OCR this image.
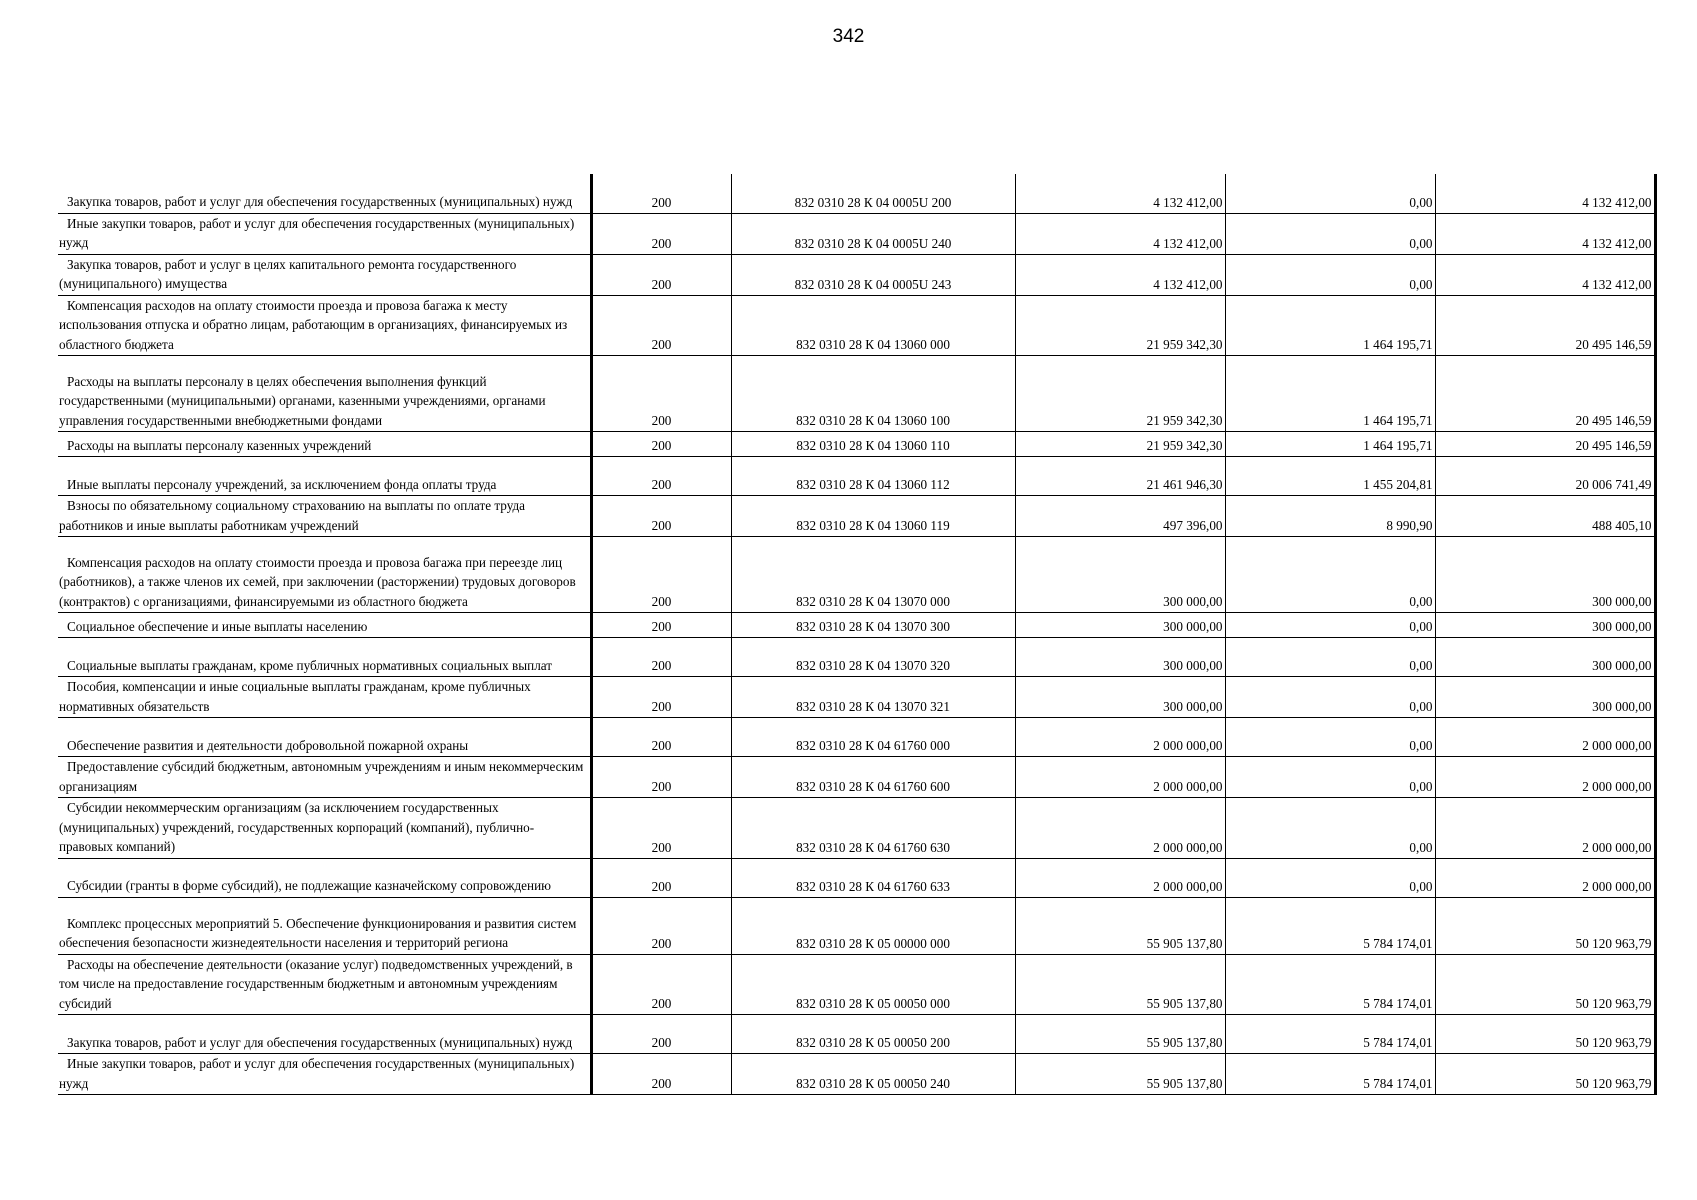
342
Закупка товаров, работ и услуг для обеспечения государственных (муниципальных) нужд	200	832 0310 28 К 04 0005U 200	4 132 412,00	0,00	4 132 412,00
Иные закупки товаров, работ и услуг для обеспечения государственных (муниципальных) нужд	200	832 0310 28 К 04 0005U 240	4 132 412,00	0,00	4 132 412,00
Закупка товаров, работ и услуг в целях капитального ремонта государственного (муниципального) имущества	200	832 0310 28 К 04 0005U 243	4 132 412,00	0,00	4 132 412,00
Компенсация расходов на оплату стоимости проезда и провоза багажа к месту использования отпуска и обратно лицам, работающим в организациях, финансируемых из областного бюджета	200	832 0310 28 К 04 13060 000	21 959 342,30	1 464 195,71	20 495 146,59
Расходы на выплаты персоналу в целях обеспечения выполнения функций государственными (муниципальными) органами, казенными учреждениями, органами управления государственными внебюджетными фондами	200	832 0310 28 К 04 13060 100	21 959 342,30	1 464 195,71	20 495 146,59
Расходы на выплаты персоналу казенных учреждений	200	832 0310 28 К 04 13060 110	21 959 342,30	1 464 195,71	20 495 146,59
Иные выплаты персоналу учреждений, за исключением фонда оплаты труда	200	832 0310 28 К 04 13060 112	21 461 946,30	1 455 204,81	20 006 741,49
Взносы по обязательному социальному страхованию на выплаты по оплате труда работников и иные выплаты работникам учреждений	200	832 0310 28 К 04 13060 119	497 396,00	8 990,90	488 405,10
Компенсация расходов на оплату стоимости проезда и провоза багажа при переезде лиц (работников), а также членов их семей, при заключении (расторжении) трудовых договоров (контрактов) с организациями, финансируемыми из областного бюджета	200	832 0310 28 К 04 13070 000	300 000,00	0,00	300 000,00
Социальное обеспечение и иные выплаты населению	200	832 0310 28 К 04 13070 300	300 000,00	0,00	300 000,00
Социальные выплаты гражданам, кроме публичных нормативных социальных выплат	200	832 0310 28 К 04 13070 320	300 000,00	0,00	300 000,00
Пособия, компенсации и иные социальные выплаты гражданам, кроме публичных нормативных обязательств	200	832 0310 28 К 04 13070 321	300 000,00	0,00	300 000,00
Обеспечение развития и деятельности добровольной пожарной охраны	200	832 0310 28 К 04 61760 000	2 000 000,00	0,00	2 000 000,00
Предоставление субсидий бюджетным, автономным учреждениям и иным некоммерческим организациям	200	832 0310 28 К 04 61760 600	2 000 000,00	0,00	2 000 000,00
Субсидии некоммерческим организациям (за исключением государственных (муниципальных) учреждений, государственных корпораций (компаний), публично-правовых компаний)	200	832 0310 28 К 04 61760 630	2 000 000,00	0,00	2 000 000,00
Субсидии (гранты в форме субсидий), не подлежащие казначейскому сопровождению	200	832 0310 28 К 04 61760 633	2 000 000,00	0,00	2 000 000,00
Комплекс процессных мероприятий 5. Обеспечение функционирования и развития систем обеспечения безопасности жизнедеятельности населения и территорий региона	200	832 0310 28 К 05 00000 000	55 905 137,80	5 784 174,01	50 120 963,79
Расходы на обеспечение деятельности (оказание услуг) подведомственных учреждений, в том числе на предоставление государственным бюджетным и автономным учреждениям субсидий	200	832 0310 28 К 05 00050 000	55 905 137,80	5 784 174,01	50 120 963,79
Закупка товаров, работ и услуг для обеспечения государственных (муниципальных) нужд	200	832 0310 28 К 05 00050 200	55 905 137,80	5 784 174,01	50 120 963,79
Иные закупки товаров, работ и услуг для обеспечения государственных (муниципальных) нужд	200	832 0310 28 К 05 00050 240	55 905 137,80	5 784 174,01	50 120 963,79
